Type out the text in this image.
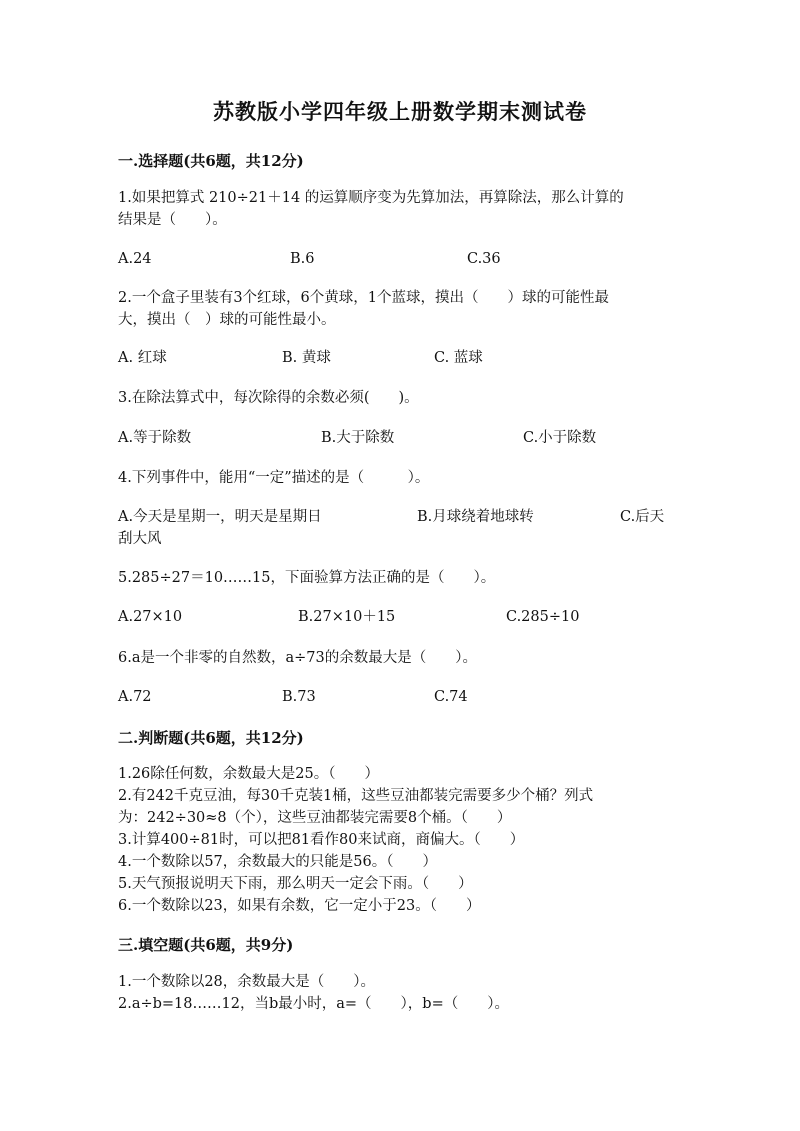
苏教版小学四年级上册数学期末测试卷
一.选择题(共6题，共12分)
1.如果把算式 210÷21＋14 的运算顺序变为先算加法，再算除法，那么计算的
结果是（　　）。
A.24	B.6	C.36
2.一个盒子里装有3个红球，6个黄球，1个蓝球，摸出（　　）球的可能性最
大，摸出（　）球的可能性最小。
A. 红球	B. 黄球	C. 蓝球
3.在除法算式中，每次除得的余数必须(　　)。
A.等于除数	B.大于除数	C.小于除数
4.下列事件中，能用“一定”描述的是（　　　）。
A.今天是星期一，明天是星期日	B.月球绕着地球转	C.后天
刮大风
5.285÷27＝10……15，下面验算方法正确的是（　　）。
A.27×10	B.27×10＋15	C.285÷10
6.a是一个非零的自然数，a÷73的余数最大是（　　）。
A.72	B.73	C.74
二.判断题(共6题，共12分)
1.26除任何数，余数最大是25。（　　）
2.有242千克豆油，每30千克装1桶，这些豆油都装完需要多少个桶？列式
为：242÷30≈8（个），这些豆油都装完需要8个桶。（　　）
3.计算400÷81时，可以把81看作80来试商，商偏大。（　　）
4.一个数除以57，余数最大的只能是56。（　　）
5.天气预报说明天下雨，那么明天一定会下雨。（　　）
6.一个数除以23，如果有余数，它一定小于23。（　　）
三.填空题(共6题，共9分)
1.一个数除以28，余数最大是（　　）。
2.a÷b=18……12，当b最小时，a=（　　），b=（　　）。
